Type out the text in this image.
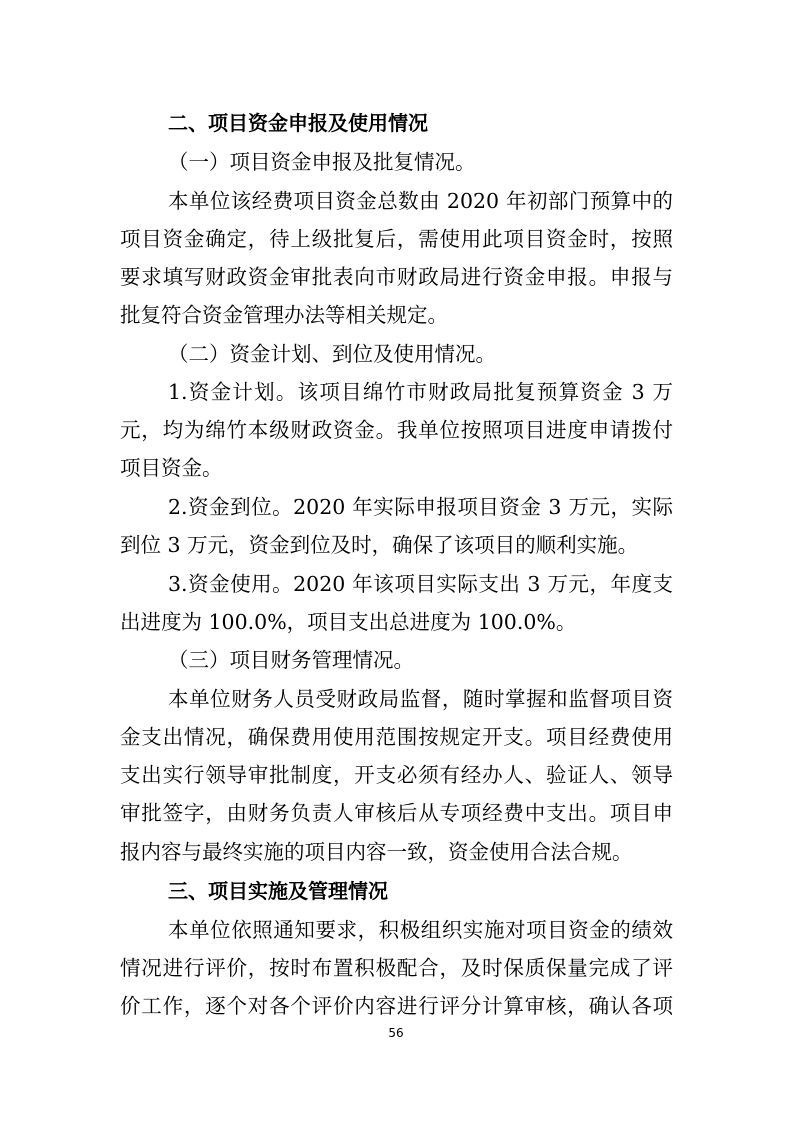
二、项目资金申报及使用情况
（一）项目资金申报及批复情况。
本单位该经费项目资金总数由 2020 年初部门预算中的
项目资金确定，待上级批复后，需使用此项目资金时，按照
要求填写财政资金审批表向市财政局进行资金申报。申报与
批复符合资金管理办法等相关规定。
（二）资金计划、到位及使用情况。
1.资金计划。该项目绵竹市财政局批复预算资金 3 万
元，均为绵竹本级财政资金。我单位按照项目进度申请拨付
项目资金。
2.资金到位。2020 年实际申报项目资金 3 万元，实际
到位 3 万元，资金到位及时，确保了该项目的顺利实施。
3.资金使用。2020 年该项目实际支出 3 万元，年度支
出进度为 100.0%，项目支出总进度为 100.0%。
（三）项目财务管理情况。
本单位财务人员受财政局监督，随时掌握和监督项目资
金支出情况，确保费用使用范围按规定开支。项目经费使用
支出实行领导审批制度，开支必须有经办人、验证人、领导
审批签字，由财务负责人审核后从专项经费中支出。项目申
报内容与最终实施的项目内容一致，资金使用合法合规。
三、项目实施及管理情况
本单位依照通知要求，积极组织实施对项目资金的绩效
情况进行评价，按时布置积极配合，及时保质保量完成了评
价工作，逐个对各个评价内容进行评分计算审核，确认各项
56
